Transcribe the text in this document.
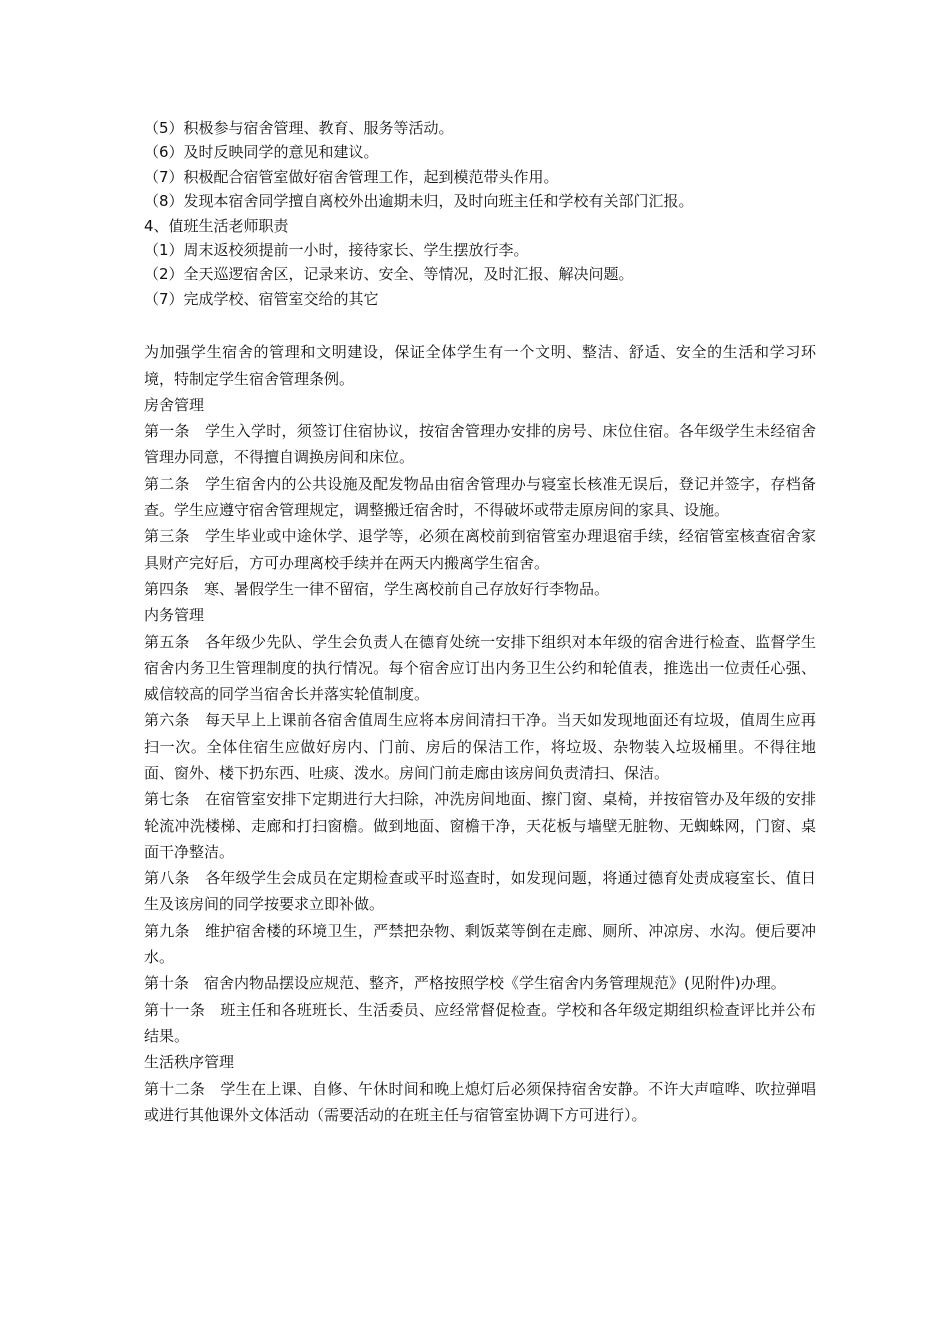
（5）积极参与宿舍管理、教育、服务等活动。

（6）及时反映同学的意见和建议。

（7）积极配合宿管室做好宿舍管理工作，起到模范带头作用。

（8）发现本宿舍同学擅自离校外出逾期未归，及时向班主任和学校有关部门汇报。

4、值班生活老师职责

（1）周末返校须提前一小时，接待家长、学生摆放行李。

（2）全天巡逻宿舍区，记录来访、安全、等情况，及时汇报、解决问题。

（7）完成学校、宿管室交给的其它

为加强学生宿舍的管理和文明建设，保证全体学生有一个文明、整洁、舒适、安全的生活和学习环境，特制定学生宿舍管理条例。

房舍管理

第一条　学生入学时，须签订住宿协议，按宿舍管理办安排的房号、床位住宿。各年级学生未经宿舍管理办同意，不得擅自调换房间和床位。

第二条　学生宿舍内的公共设施及配发物品由宿舍管理办与寝室长核准无误后，登记并签字，存档备查。学生应遵守宿舍管理规定，调整搬迁宿舍时，不得破坏或带走原房间的家具、设施。

第三条　学生毕业或中途休学、退学等，必须在离校前到宿管室办理退宿手续，经宿管室核查宿舍家具财产完好后，方可办理离校手续并在两天内搬离学生宿舍。

第四条　寒、暑假学生一律不留宿，学生离校前自己存放好行李物品。

内务管理

第五条　各年级少先队、学生会负责人在德育处统一安排下组织对本年级的宿舍进行检查、监督学生宿舍内务卫生管理制度的执行情况。每个宿舍应订出内务卫生公约和轮值表，推选出一位责任心强、威信较高的同学当宿舍长并落实轮值制度。

第六条　每天早上上课前各宿舍值周生应将本房间清扫干净。当天如发现地面还有垃圾，值周生应再扫一次。全体住宿生应做好房内、门前、房后的保洁工作，将垃圾、杂物装入垃圾桶里。不得往地面、窗外、楼下扔东西、吐痰、泼水。房间门前走廊由该房间负责清扫、保洁。

第七条　在宿管室安排下定期进行大扫除，冲洗房间地面、擦门窗、桌椅，并按宿管办及年级的安排轮流冲洗楼梯、走廊和打扫窗檐。做到地面、窗檐干净，天花板与墙壁无脏物、无蜘蛛网，门窗、桌面干净整洁。

第八条　各年级学生会成员在定期检查或平时巡查时，如发现问题，将通过德育处责成寝室长、值日生及该房间的同学按要求立即补做。

第九条　维护宿舍楼的环境卫生，严禁把杂物、剩饭菜等倒在走廊、厕所、冲凉房、水沟。便后要冲水。

第十条　宿舍内物品摆设应规范、整齐，严格按照学校《学生宿舍内务管理规范》(见附件)办理。

第十一条　班主任和各班班长、生活委员、应经常督促检查。学校和各年级定期组织检查评比并公布结果。

生活秩序管理

第十二条　学生在上课、自修、午休时间和晚上熄灯后必须保持宿舍安静。不许大声喧哗、吹拉弹唱或进行其他课外文体活动（需要活动的在班主任与宿管室协调下方可进行）。
